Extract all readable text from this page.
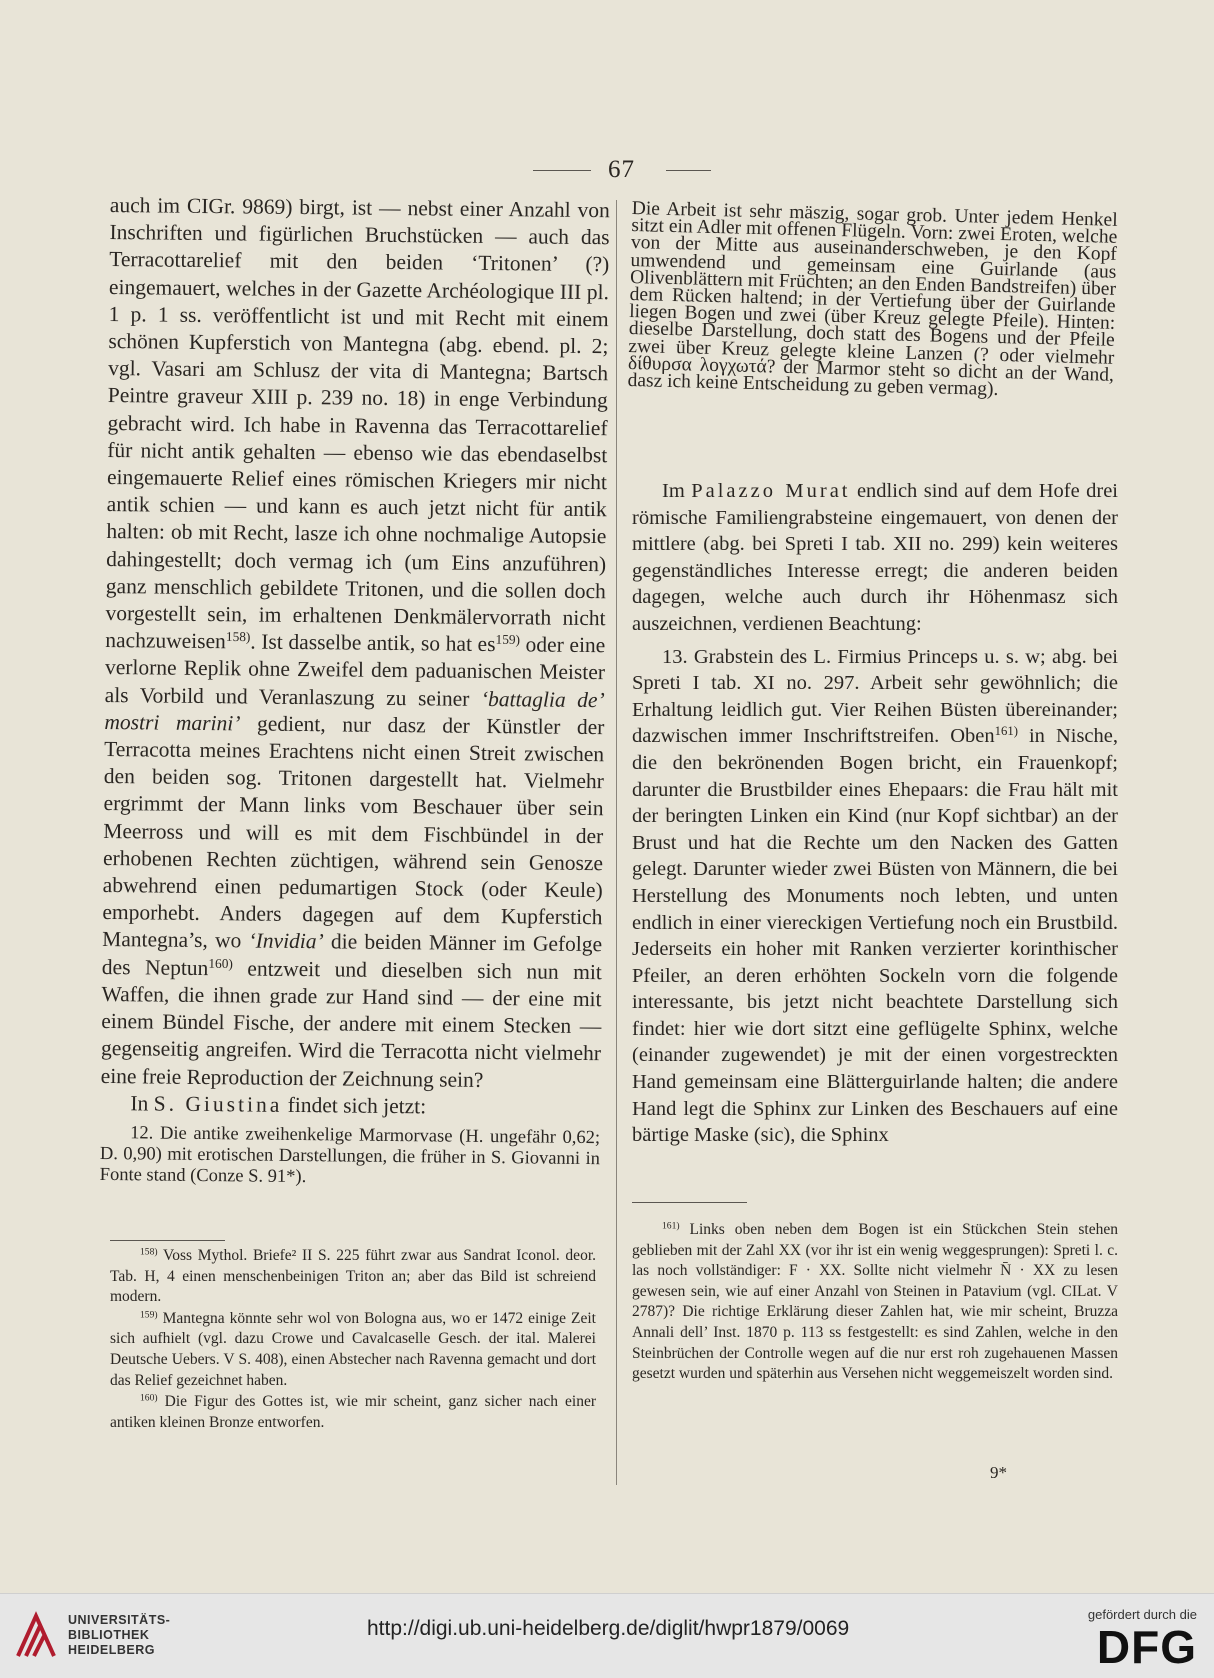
67

auch im CIGr. 9869) birgt, ist — nebst einer Anzahl von Inschriften und figürlichen Bruchstücken — auch das Terracottarelief mit den beiden ‘Tritonen’ (?) eingemauert, welches in der Gazette Archéologique III pl. 1 p. 1 ss. veröffentlicht ist und mit Recht mit einem schönen Kupferstich von Mantegna (abg. ebend. pl. 2; vgl. Vasari am Schlusz der vita di Mantegna; Bartsch Peintre graveur XIII p. 239 no. 18) in enge Verbindung gebracht wird. Ich habe in Ravenna das Terracottarelief für nicht antik gehalten — ebenso wie das ebendaselbst eingemauerte Relief eines römischen Kriegers mir nicht antik schien — und kann es auch jetzt nicht für antik halten: ob mit Recht, lasze ich ohne nochmalige Autopsie dahingestellt; doch vermag ich (um Eins anzuführen) ganz menschlich gebildete Tritonen, und die sollen doch vorgestellt sein, im erhaltenen Denkmälervorrath nicht nachzuweisen$^{158)}$. Ist dasselbe antik, so hat $es^{159)}$ oder eine verlorne Replik ohne Zweifel dem paduanischen Meister als Vorbild und Veranlaszung zu seiner ‘battaglia de’ mostri marini’ gedient, nur dasz der Künstler der Terracotta meines Erachtens nicht einen Streit zwischen den beiden sog. Tritonen dargestellt hat. Vielmehr ergrimmt der Mann links vom Beschauer über sein Meerross und will es mit dem Fischbündel in der erhobenen Rechten züchtigen, während sein Genosze abwehrend einen pedumartigen Stock (oder Keule) emporhebt. Anders dagegen auf dem Kupferstich Mantegna’s, wo ‘Invidia’ die beiden Männer im Gefolge des Neptun$^{160)}$ entzweit und dieselben sich nun mit Waffen, die ihnen grade zur Hand sind — der eine mit einem Bündel Fische, der andere mit einem Stecken — gegenseitig angreifen. Wird die Terracotta nicht vielmehr eine freie Reproduction der Zeichnung sein?

In S. Giustina findet sich jetzt:

12. Die antike zweihenkelige Marmorvase (H. ungefähr 0,62; D. 0,90) mit erotischen Darstellungen, die früher in S. Giovanni in Fonte stand (Conze S. 91*).

Die Arbeit ist sehr mäszig, sogar grob. Unter jedem Henkel sitzt ein Adler mit offenen Flügeln. Vorn: zwei Eroten, welche von der Mitte aus auseinanderschweben, je den Kopf umwendend und gemeinsam eine Guirlande (aus Olivenblättern mit Früchten; an den Enden Bandstreifen) über dem Rücken haltend; in der Vertiefung über der Guirlande liegen Bogen und zwei (über Kreuz gelegte Pfeile). Hinten: dieselbe Darstellung, doch statt des Bogens und der Pfeile zwei über Kreuz gelegte kleine Lanzen (? oder vielmehr δίθυρσα λογχωτά? der Marmor steht so dicht an der Wand, dasz ich keine Entscheidung zu geben vermag).

Im Palazzo Murat endlich sind auf dem Hofe drei römische Familiengrabsteine eingemauert, von denen der mittlere (abg. bei Spreti I tab. XII no. 299) kein weiteres gegenständliches Interesse erregt; die anderen beiden dagegen, welche auch durch ihr Höhenmasz sich auszeichnen, verdienen Beachtung:

13. Grabstein des L. Firmius Princeps u. s. w; abg. bei Spreti I tab. XI no. 297. Arbeit sehr gewöhnlich; die Erhaltung leidlich gut. Vier Reihen Büsten übereinander; dazwischen immer Inschriftstreifen. Oben$^{161)}$ in Nische, die den bekrönenden Bogen bricht, ein Frauenkopf; darunter die Brustbilder eines Ehepaars: die Frau hält mit der beringten Linken ein Kind (nur Kopf sichtbar) an der Brust und hat die Rechte um den Nacken des Gatten gelegt. Darunter wieder zwei Büsten von Männern, die bei Herstellung des Monuments noch lebten, und unten endlich in einer viereckigen Vertiefung noch ein Brustbild. Jederseits ein hoher mit Ranken verzierter korinthischer Pfeiler, an deren erhöhten Sockeln vorn die folgende interessante, bis jetzt nicht beachtete Darstellung sich findet: hier wie dort sitzt eine geflügelte Sphinx, welche (einander zugewendet) je mit der einen vorgestreckten Hand gemeinsam eine Blätterguirlande halten; die andere Hand legt die Sphinx zur Linken des Beschauers auf eine bärtige Maske (sic), die Sphinx

$^{158)}$ Voss Mythol. Briefe² II S. 225 führt zwar aus Sandrat Iconol. deor. Tab. H, 4 einen menschenbeinigen Triton an; aber das Bild ist schreiend modern.

$^{159)}$ Mantegna könnte sehr wol von Bologna aus, wo er 1472 einige Zeit sich aufhielt (vgl. dazu Crowe und Cavalcaselle Gesch. der ital. Malerei Deutsche Uebers. V S. 408), einen Abstecher nach Ravenna gemacht und dort das Relief gezeichnet haben.

$^{160)}$ Die Figur des Gottes ist, wie mir scheint, ganz sicher nach einer antiken kleinen Bronze entworfen.

$^{161)}$ Links oben neben dem Bogen ist ein Stückchen Stein stehen geblieben mit der Zahl XX (vor ihr ist ein wenig weggesprungen): Spreti l. c. las noch vollständiger: F · XX. Sollte nicht vielmehr N̄ · XX zu lesen gewesen sein, wie auf einer Anzahl von Steinen in Patavium (vgl. CILat. V 2787)? Die richtige Erklärung dieser Zahlen hat, wie mir scheint, Bruzza Annali dell’ Inst. 1870 p. 113 ss festgestellt: es sind Zahlen, welche in den Steinbrüchen der Controlle wegen auf die nur erst roh zugehauenen Massen gesetzt wurden und späterhin aus Versehen nicht weggemeiszelt worden sind.

9*
UNIVERSITÄTS-
BIBLIOTHEK
HEIDELBERG
http://digi.ub.uni-heidelberg.de/diglit/hwpr1879/0069
gefördert durch die
DFG
